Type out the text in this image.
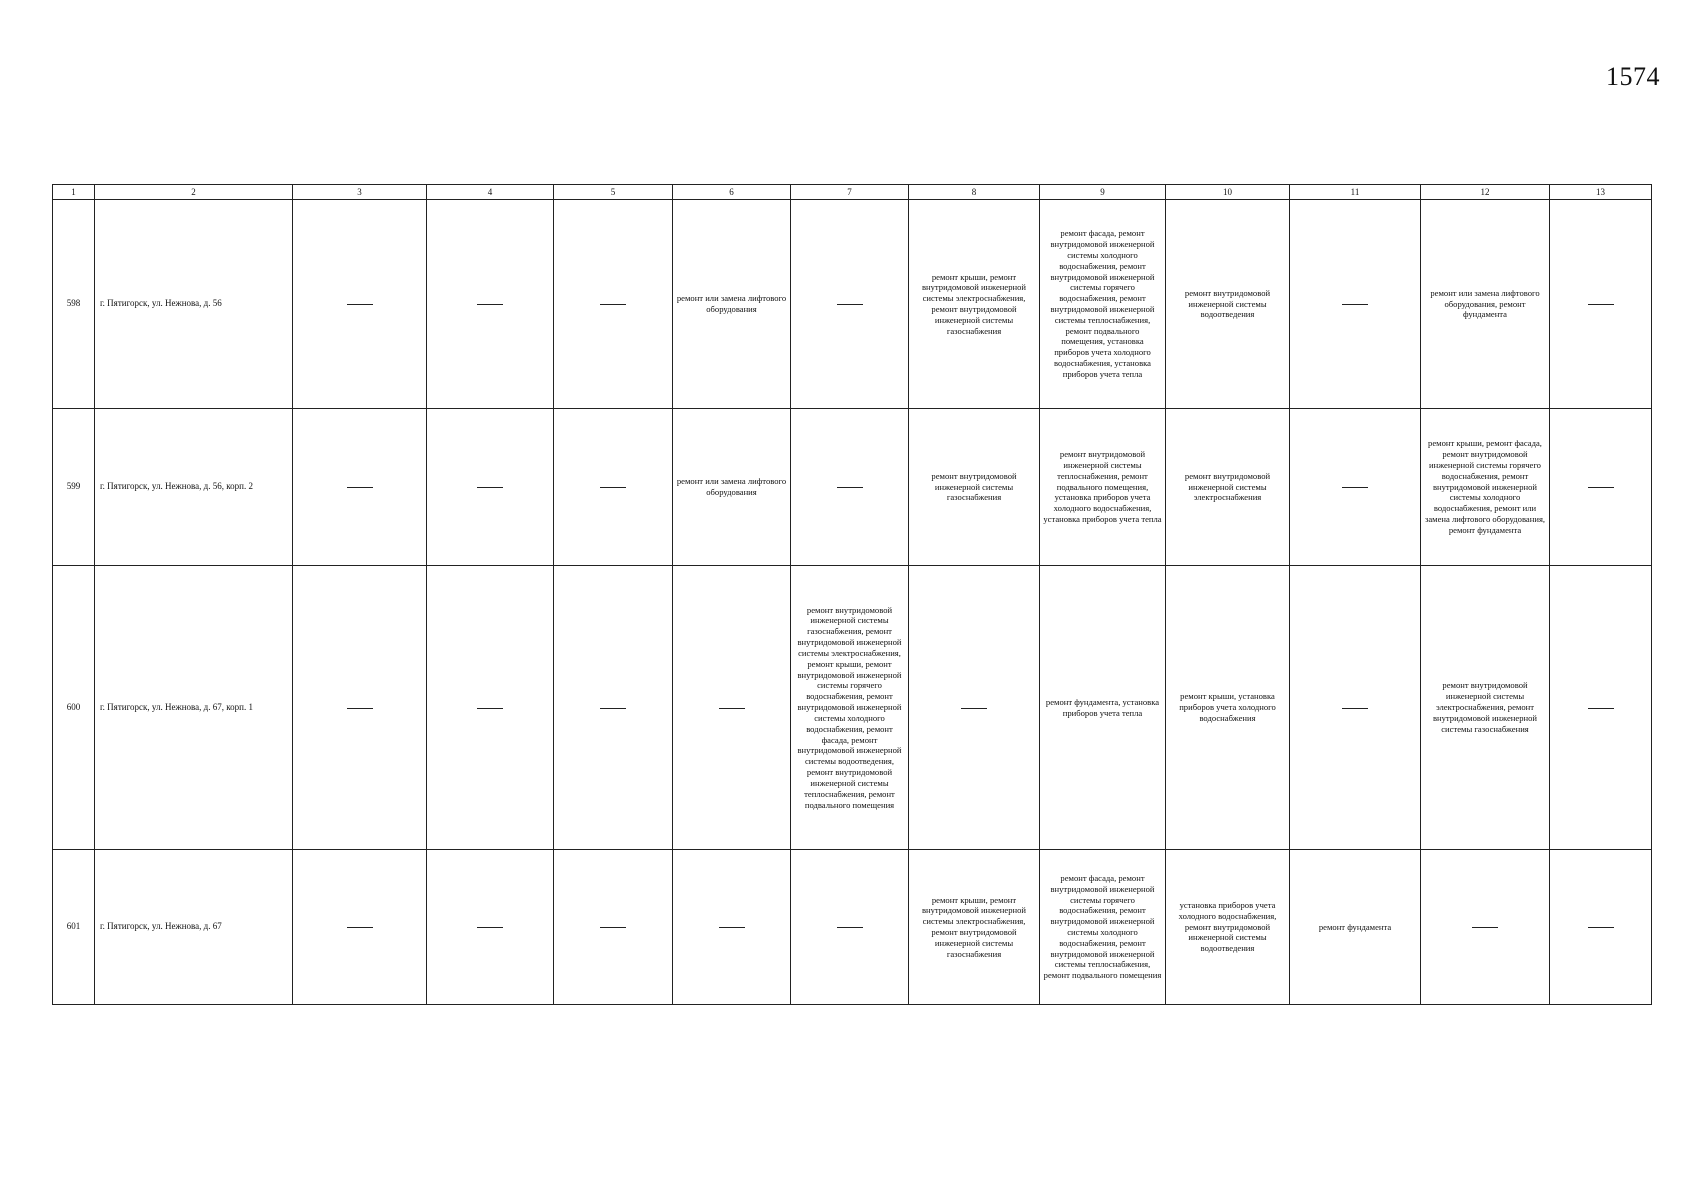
1574
1	2	3	4	5	6	7	8	9	10	11	12	13
598	г. Пятигорск, ул. Нежнова, д. 56				ремонт или замена лифтового оборудования		ремонт крыши, ремонт внутридомовой инженерной системы электроснабжения, ремонт внутридомовой инженерной системы газоснабжения	ремонт фасада, ремонт внутридомовой инженерной системы холодного водоснабжения, ремонт внутридомовой инженерной системы горячего водоснабжения, ремонт внутридомовой инженерной системы теплоснабжения, ремонт подвального помещения, установка приборов учета холодного водоснабжения, установка приборов учета тепла	ремонт внутридомовой инженерной системы водоотведения		ремонт или замена лифтового оборудования, ремонт фундамента	
599	г. Пятигорск, ул. Нежнова, д. 56, корп. 2				ремонт или замена лифтового оборудования		ремонт внутридомовой инженерной системы газоснабжения	ремонт внутридомовой инженерной системы теплоснабжения, ремонт подвального помещения, установка приборов учета холодного водоснабжения, установка приборов учета тепла	ремонт внутридомовой инженерной системы электроснабжения		ремонт крыши, ремонт фасада, ремонт внутридомовой инженерной системы горячего водоснабжения, ремонт внутридомовой инженерной системы холодного водоснабжения, ремонт или замена лифтового оборудования, ремонт фундамента	
600	г. Пятигорск, ул. Нежнова, д. 67, корп. 1					ремонт внутридомовой инженерной системы газоснабжения, ремонт внутридомовой инженерной системы электроснабжения, ремонт крыши, ремонт внутридомовой инженерной системы горячего водоснабжения, ремонт внутридомовой инженерной системы холодного водоснабжения, ремонт фасада, ремонт внутридомовой инженерной системы водоотведения, ремонт внутридомовой инженерной системы теплоснабжения, ремонт подвального помещения		ремонт фундамента, установка приборов учета тепла	ремонт крыши, установка приборов учета холодного водоснабжения		ремонт внутридомовой инженерной системы электроснабжения, ремонт внутридомовой инженерной системы газоснабжения	
601	г. Пятигорск, ул. Нежнова, д. 67						ремонт крыши, ремонт внутридомовой инженерной системы электроснабжения, ремонт внутридомовой инженерной системы газоснабжения	ремонт фасада, ремонт внутридомовой инженерной системы горячего водоснабжения, ремонт внутридомовой инженерной системы холодного водоснабжения, ремонт внутридомовой инженерной системы теплоснабжения, ремонт подвального помещения	установка приборов учета холодного водоснабжения, ремонт внутридомовой инженерной системы водоотведения	ремонт фундамента		
